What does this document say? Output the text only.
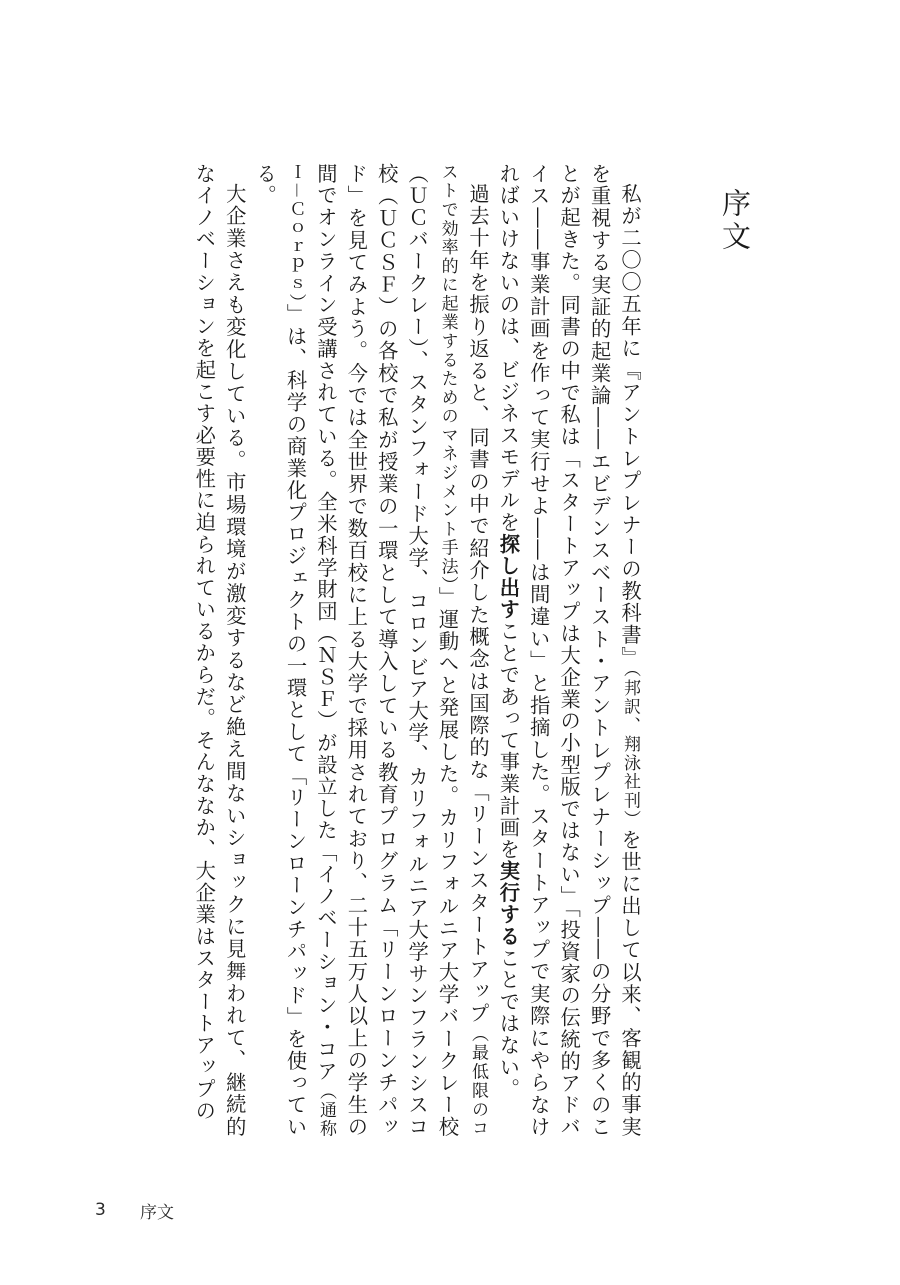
序文

私が二〇〇五年に『アントレプレナーの教科書』（邦訳、翔泳社刊）を世に出して以来、客観的事実を重視する実証的起業論――エビデンスベースト・アントレプレナーシップ――の分野で多くのことが起きた。同書の中で私は「スタートアップは大企業の小型版ではない」「投資家の伝統的アドバイス――事業計画を作って実行せよ――は間違い」と指摘した。スタートアップで実際にやらなければいけないのは、ビジネスモデルを探し出すことであって事業計画を実行することではない。

過去十年を振り返ると、同書の中で紹介した概念は国際的な「リーンスタートアップ（最低限のコストで効率的に起業するためのマネジメント手法）」運動へと発展した。カリフォルニア大学バークレー校（ＵＣバークレー）、スタンフォード大学、コロンビア大学、カリフォルニア大学サンフランシスコ校（ＵＣＳＦ）の各校で私が授業の一環として導入している教育プログラム「リーンローンチパッド」を見てみよう。今では全世界で数百校に上る大学で採用されており、二十五万人以上の学生の間でオンライン受講されている。全米科学財団（ＮＳＦ）が設立した「イノベーション・コア（通称Ｉ－Ｃｏｒｐｓ）」は、科学の商業化プロジェクトの一環として「リーンローンチパッド」を使っている。

大企業さえも変化している。市場環境が激変するなど絶え間ないショックに見舞われて、継続的なイノベーションを起こす必要性に迫られているからだ。そんななか、大企業はスタートアップの

3	序文
